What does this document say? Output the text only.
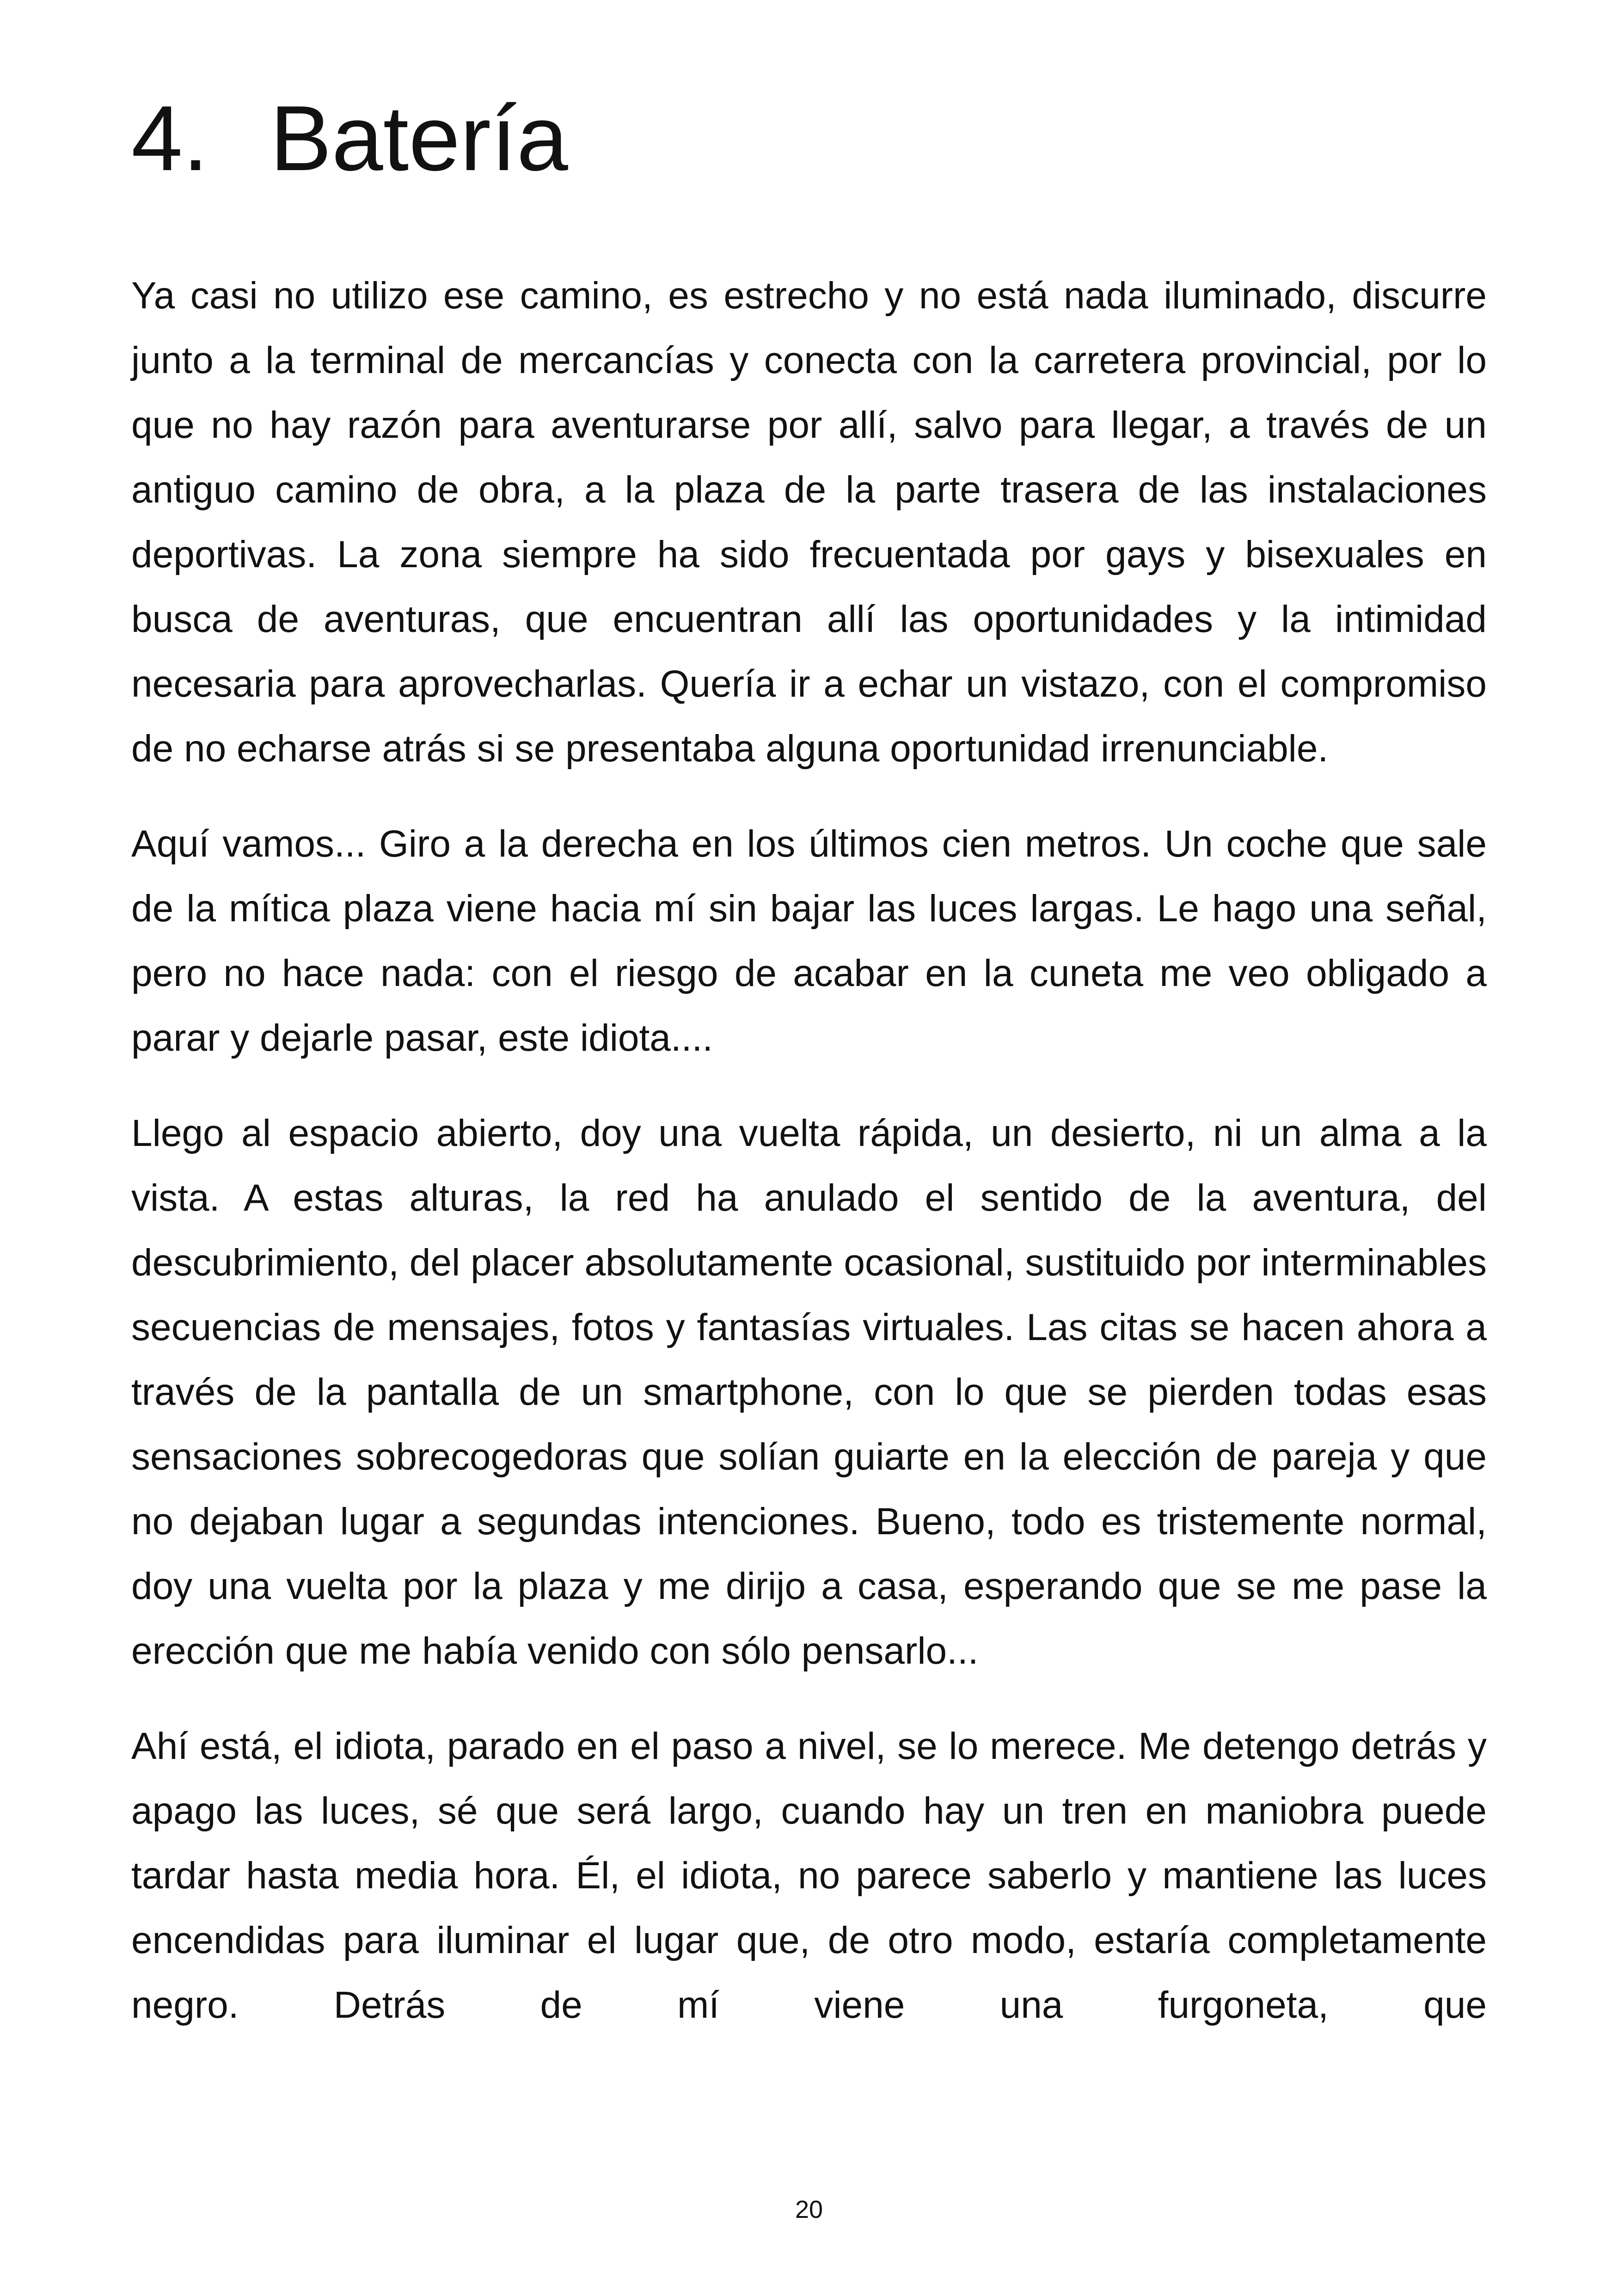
4. Batería

Ya casi no utilizo ese camino, es estrecho y no está nada iluminado, discurre junto a la terminal de mercancías y conecta con la carretera provincial, por lo que no hay razón para aventurarse por allí, salvo para llegar, a través de un antiguo camino de obra, a la plaza de la parte trasera de las instalaciones deportivas. La zona siempre ha sido frecuentada por gays y bisexuales en busca de aventuras, que encuentran allí las oportunidades y la intimidad necesaria para aprovecharlas. Quería ir a echar un vistazo, con el compromiso de no echarse atrás si se presentaba alguna oportunidad irrenunciable.

Aquí vamos... Giro a la derecha en los últimos cien metros. Un coche que sale de la mítica plaza viene hacia mí sin bajar las luces largas. Le hago una señal, pero no hace nada: con el riesgo de acabar en la cuneta me veo obligado a parar y dejarle pasar, este idiota....

Llego al espacio abierto, doy una vuelta rápida, un desierto, ni un alma a la vista. A estas alturas, la red ha anulado el sentido de la aventura, del descubrimiento, del placer absolutamente ocasional, sustituido por interminables secuencias de mensajes, fotos y fantasías virtuales. Las citas se hacen ahora a través de la pantalla de un smartphone, con lo que se pierden todas esas sensaciones sobrecogedoras que solían guiarte en la elección de pareja y que no dejaban lugar a segundas intenciones. Bueno, todo es tristemente normal, doy una vuelta por la plaza y me dirijo a casa, esperando que se me pase la erección que me había venido con sólo pensarlo...

Ahí está, el idiota, parado en el paso a nivel, se lo merece. Me detengo detrás y apago las luces, sé que será largo, cuando hay un tren en maniobra puede tardar hasta media hora. Él, el idiota, no parece saberlo y mantiene las luces encendidas para iluminar el lugar que, de otro modo, estaría completamente negro. Detrás de mí viene una furgoneta, que

20
